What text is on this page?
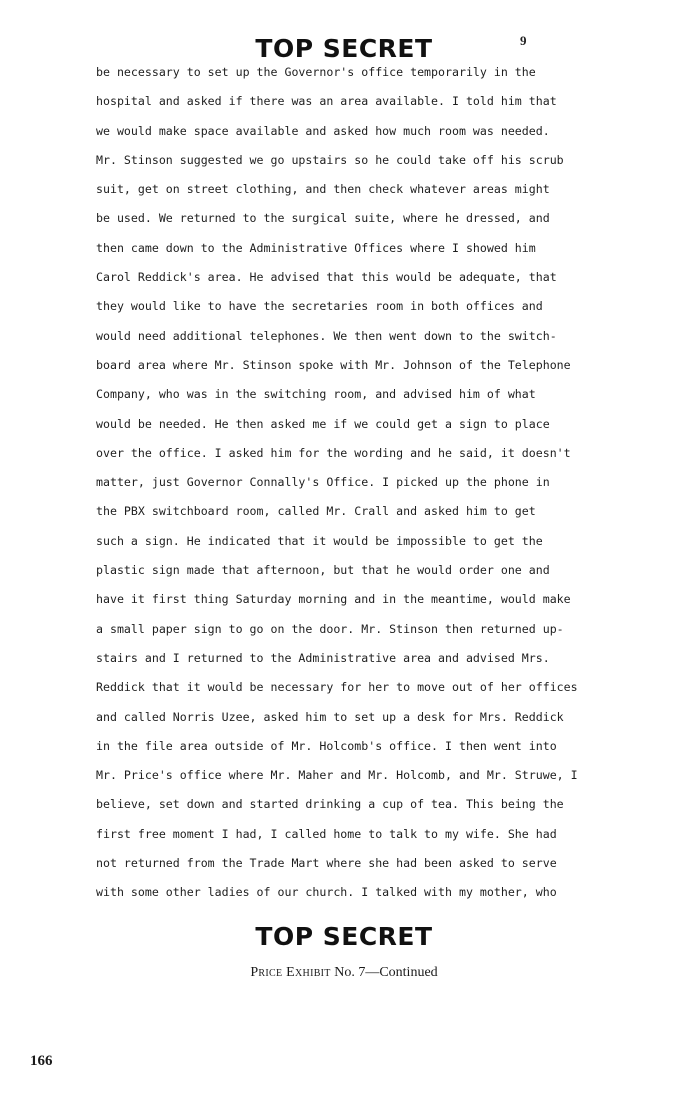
TOP SECRET	9
be necessary to set up the Governor's office temporarily in the
hospital and asked if there was an area available. I told him that
we would make space available and asked how much room was needed.
Mr. Stinson suggested we go upstairs so he could take off his scrub
suit, get on street clothing, and then check whatever areas might
be used. We returned to the surgical suite, where he dressed, and
then came down to the Administrative Offices where I showed him
Carol Reddick's area. He advised that this would be adequate, that
they would like to have the secretaries room in both offices and
would need additional telephones. We then went down to the switch-
board area where Mr. Stinson spoke with Mr. Johnson of the Telephone
Company, who was in the switching room, and advised him of what
would be needed. He then asked me if we could get a sign to place
over the office. I asked him for the wording and he said, it doesn't
matter, just Governor Connally's Office. I picked up the phone in
the PBX switchboard room, called Mr. Crall and asked him to get
such a sign. He indicated that it would be impossible to get the
plastic sign made that afternoon, but that he would order one and
have it first thing Saturday morning and in the meantime, would make
a small paper sign to go on the door. Mr. Stinson then returned up-
stairs and I returned to the Administrative area and advised Mrs.
Reddick that it would be necessary for her to move out of her offices
and called Norris Uzee, asked him to set up a desk for Mrs. Reddick
in the file area outside of Mr. Holcomb's office. I then went into
Mr. Price's office where Mr. Maher and Mr. Holcomb, and Mr. Struwe, I
believe, set down and started drinking a cup of tea. This being the
first free moment I had, I called home to talk to my wife. She had
not returned from the Trade Mart where she had been asked to serve
with some other ladies of our church. I talked with my mother, who
TOP SECRET
Price Exhibit No. 7—Continued
166
